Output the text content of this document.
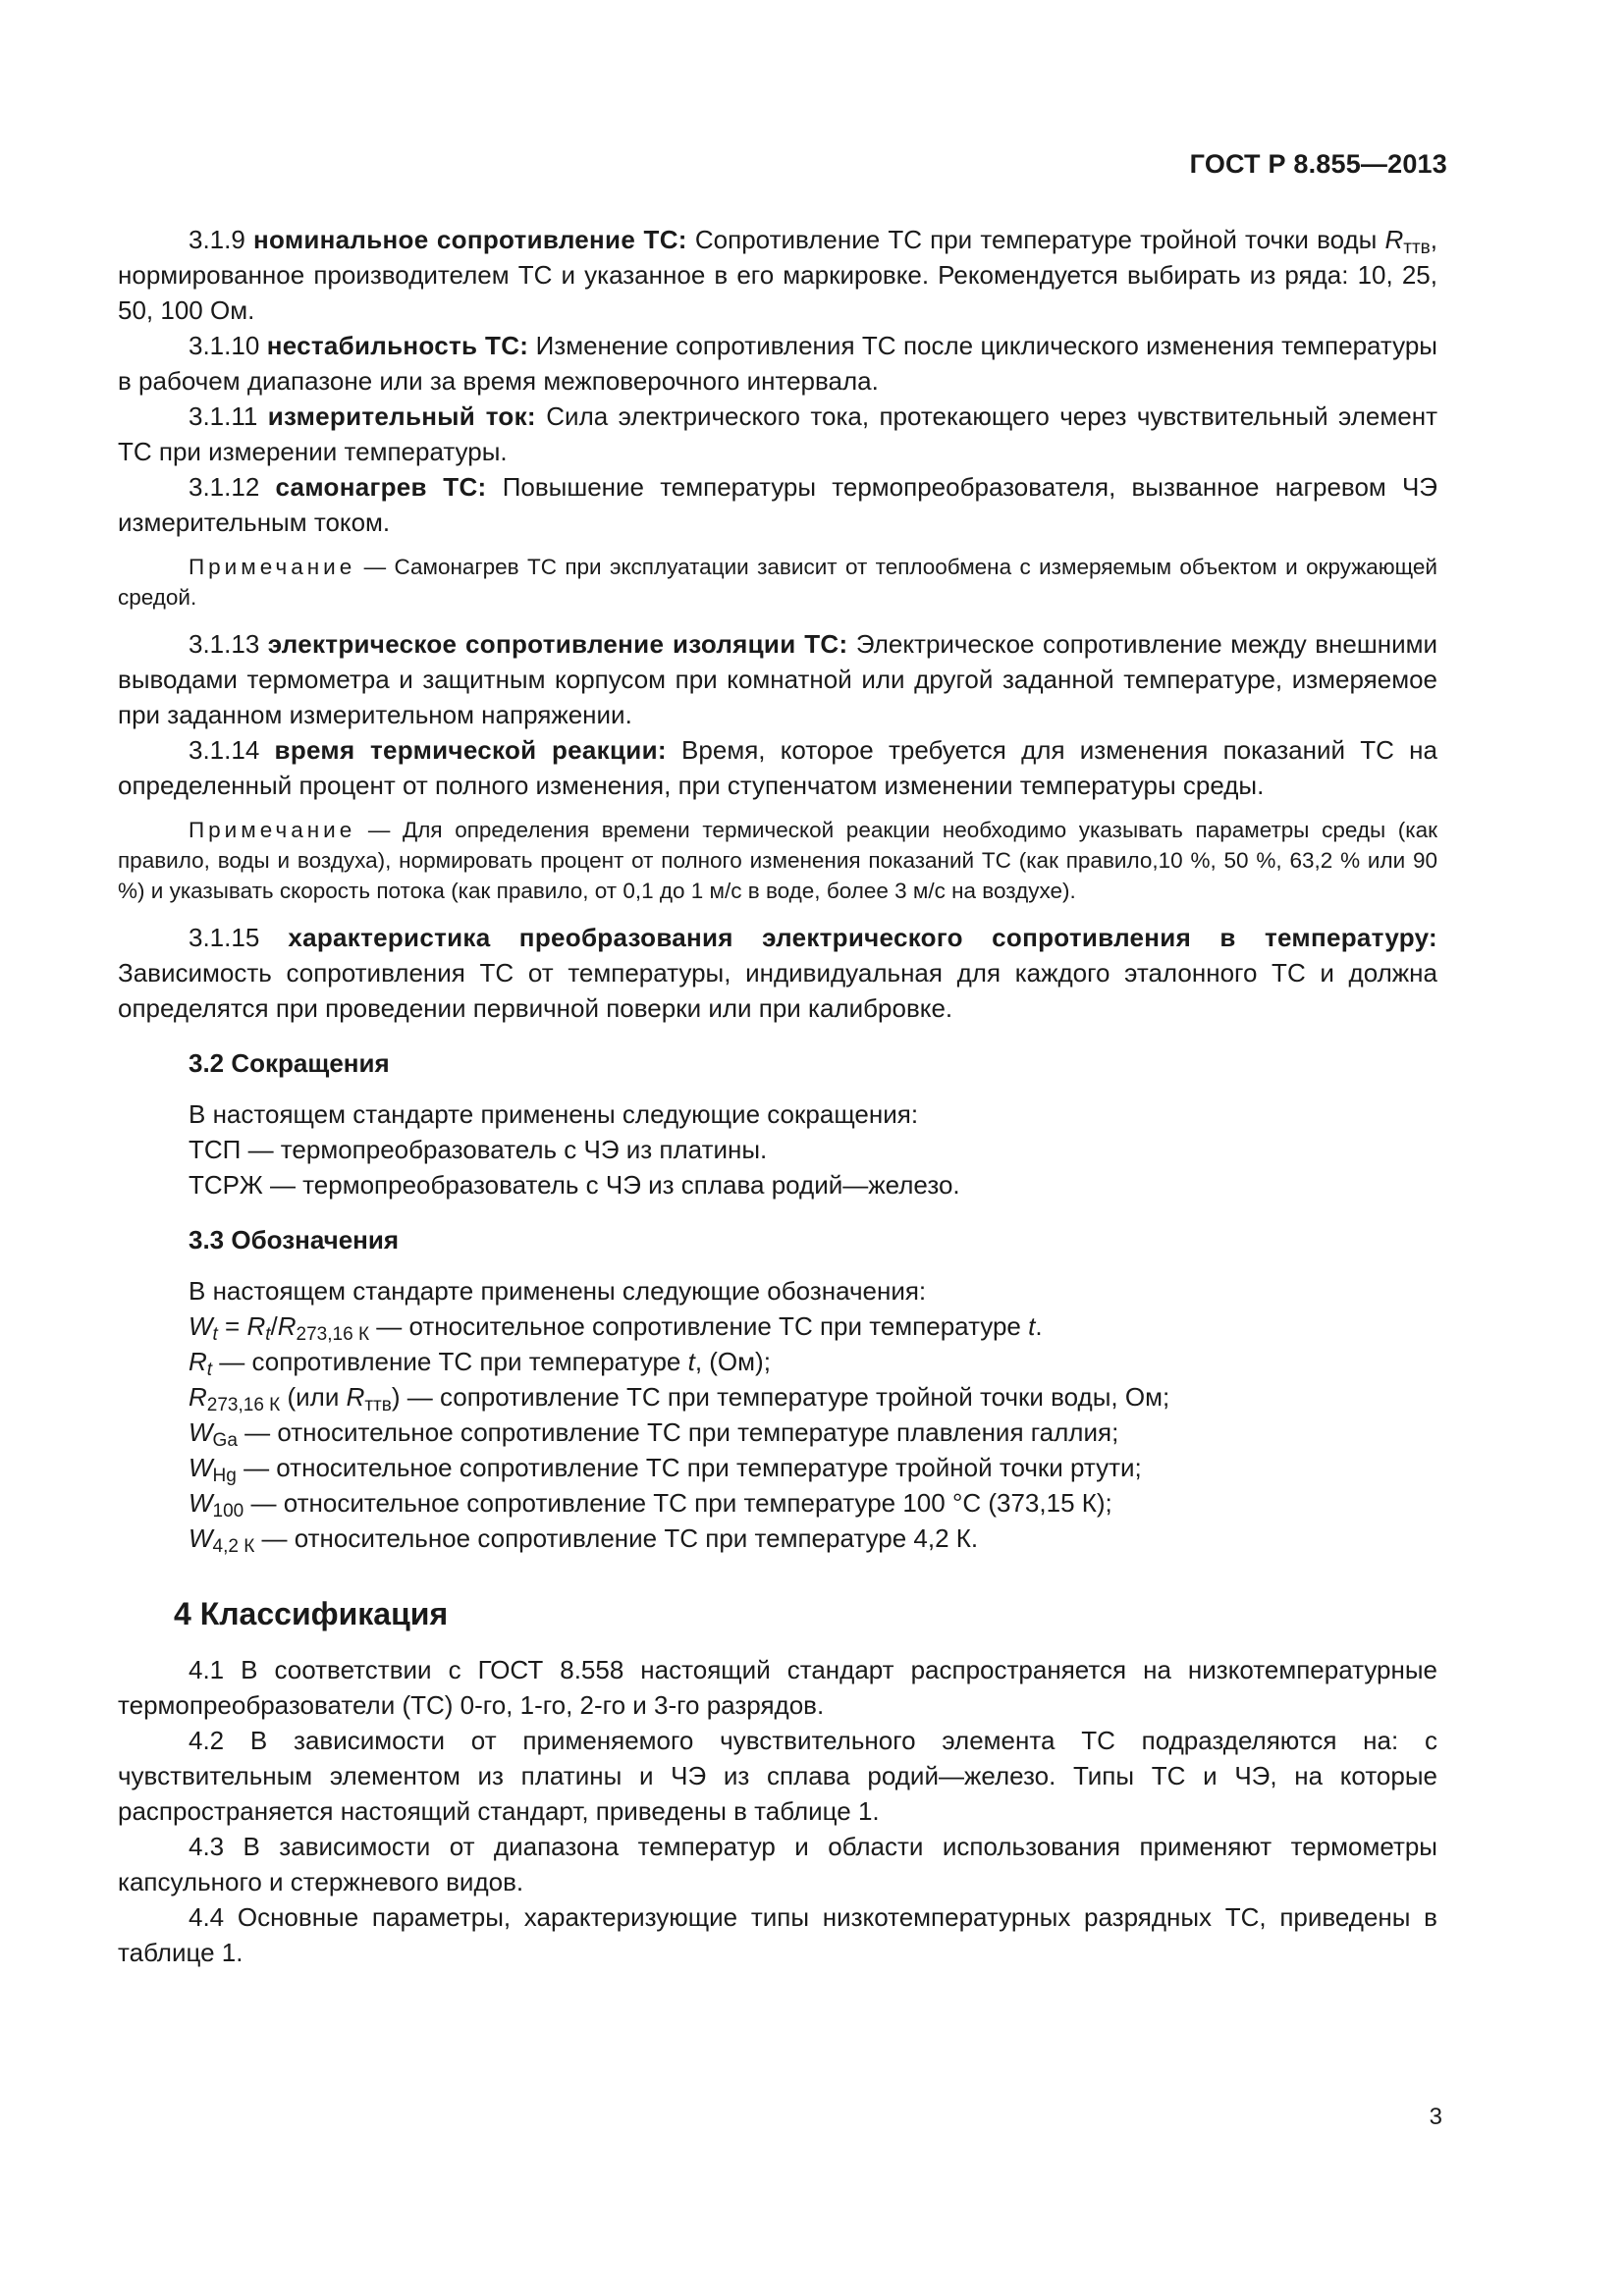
ГОСТ Р 8.855—2013

3.1.9 номинальное сопротивление ТС: Сопротивление ТС при температуре тройной точки воды $R_{ттв}$, нормированное производителем ТС и указанное в его маркировке. Рекомендуется выбирать из ряда: 10, 25, 50, 100 Ом.

3.1.10 нестабильность ТС: Изменение сопротивления ТС после циклического изменения температуры в рабочем диапазоне или за время межповерочного интервала.

3.1.11 измерительный ток: Сила электрического тока, протекающего через чувствительный элемент ТС при измерении температуры.

3.1.12 самонагрев ТС: Повышение температуры термопреобразователя, вызванное нагревом ЧЭ измерительным током.

Примечание — Самонагрев ТС при эксплуатации зависит от теплообмена с измеряемым объектом и окружающей средой.

3.1.13 электрическое сопротивление изоляции ТС: Электрическое сопротивление между внешними выводами термометра и защитным корпусом при комнатной или другой заданной температуре, измеряемое при заданном измерительном напряжении.

3.1.14 время термической реакции: Время, которое требуется для изменения показаний ТС на определенный процент от полного изменения, при ступенчатом изменении температуры среды.

Примечание — Для определения времени термической реакции необходимо указывать параметры среды (как правило, воды и воздуха), нормировать процент от полного изменения показаний ТС (как правило,10 %, 50 %, 63,2 % или 90 %) и указывать скорость потока (как правило, от 0,1 до 1 м/с в воде, более 3 м/с на воздухе).

3.1.15 характеристика преобразования электрического сопротивления в температуру: Зависимость сопротивления ТС от температуры, индивидуальная для каждого эталонного ТС и должна определятся при проведении первичной поверки или при калибровке.

3.2 Сокращения

В настоящем стандарте применены следующие сокращения:

ТСП — термопреобразователь с ЧЭ из платины.

ТСРЖ — термопреобразователь с ЧЭ из сплава родий—железо.

3.3 Обозначения

В настоящем стандарте применены следующие обозначения:

$W_t = R_t/R_{273,16 К}$ — относительное сопротивление ТС при температуре t.

$R_t$ — сопротивление ТС при температуре t, (Ом);

$R_{273,16 К}$ (или $R_{ттв}$) — сопротивление ТС при температуре тройной точки воды, Ом;

$W_{Ga}$ — относительное сопротивление ТС при температуре плавления галлия;

$W_{Hg}$ — относительное сопротивление ТС при температуре тройной точки ртути;

$W_{100}$ — относительное сопротивление ТС при температуре 100 °С (373,15 К);

$W_{4,2 К}$ — относительное сопротивление ТС при температуре 4,2 К.

4 Классификация

4.1 В соответствии с ГОСТ 8.558 настоящий стандарт распространяется на низкотемпературные термопреобразователи (ТС) 0-го, 1-го, 2-го и 3-го разрядов.

4.2 В зависимости от применяемого чувствительного элемента ТС подразделяются на: с чувствительным элементом из платины и ЧЭ из сплава родий—железо. Типы ТС и ЧЭ, на которые распространяется настоящий стандарт, приведены в таблице 1.

4.3 В зависимости от диапазона температур и области использования применяют термометры капсульного и стержневого видов.

4.4 Основные параметры, характеризующие типы низкотемпературных разрядных ТС, приведены в таблице 1.

3
